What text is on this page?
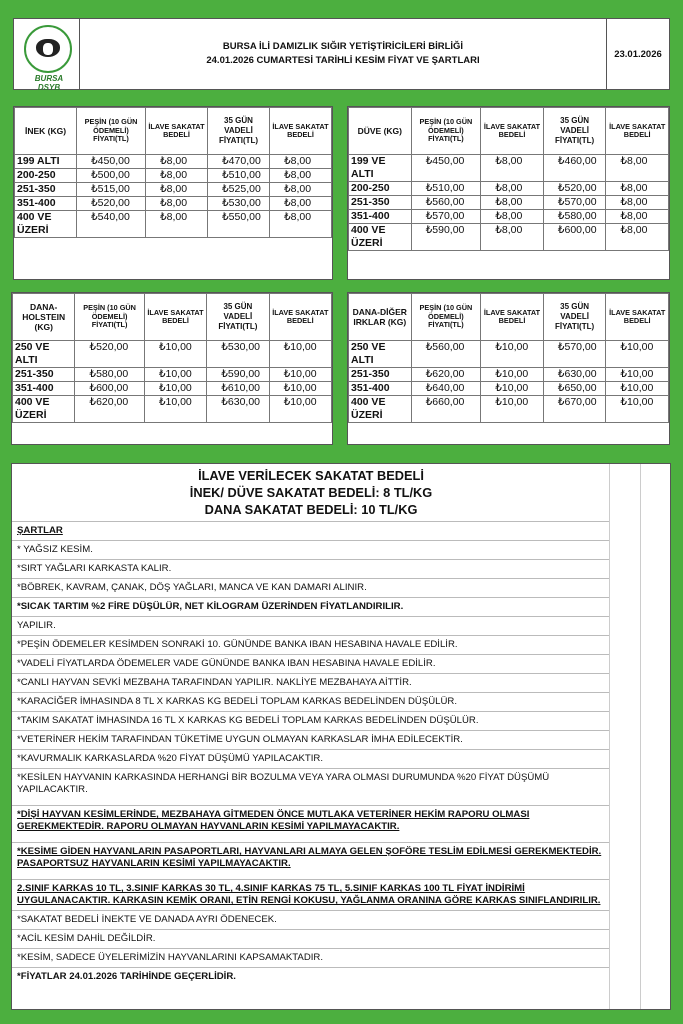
BURSA DSYB
BURSA İLİ DAMIZLIK SIĞIR YETİŞTİRİCİLERİ BİRLİĞİ
24.01.2026 CUMARTESİ TARİHLİ KESİM FİYAT VE ŞARTLARI
23.01.2026
İNEK (KG)	PEŞİN (10 GÜN ÖDEMELİ) FİYATI(TL)	İLAVE SAKATAT BEDELİ	35 GÜN VADELİ FİYATI(TL)	İLAVE SAKATAT BEDELİ
199 ALTI	₺450,00	₺8,00	₺470,00	₺8,00
200-250	₺500,00	₺8,00	₺510,00	₺8,00
251-350	₺515,00	₺8,00	₺525,00	₺8,00
351-400	₺520,00	₺8,00	₺530,00	₺8,00
400 VE ÜZERİ	₺540,00	₺8,00	₺550,00	₺8,00
DÜVE (KG)	PEŞİN (10 GÜN ÖDEMELİ) FİYATI(TL)	İLAVE SAKATAT BEDELİ	35 GÜN VADELİ FİYATI(TL)	İLAVE SAKATAT BEDELİ
199 VE ALTI	₺450,00	₺8,00	₺460,00	₺8,00
200-250	₺510,00	₺8,00	₺520,00	₺8,00
251-350	₺560,00	₺8,00	₺570,00	₺8,00
351-400	₺570,00	₺8,00	₺580,00	₺8,00
400 VE ÜZERİ	₺590,00	₺8,00	₺600,00	₺8,00
DANA-HOLSTEIN (KG)	PEŞİN (10 GÜN ÖDEMELİ) FİYATI(TL)	İLAVE SAKATAT BEDELİ	35 GÜN VADELİ FİYATI(TL)	İLAVE SAKATAT BEDELİ
250 VE ALTI	₺520,00	₺10,00	₺530,00	₺10,00
251-350	₺580,00	₺10,00	₺590,00	₺10,00
351-400	₺600,00	₺10,00	₺610,00	₺10,00
400 VE ÜZERİ	₺620,00	₺10,00	₺630,00	₺10,00
DANA-DİĞER IRKLAR (KG)	PEŞİN (10 GÜN ÖDEMELİ) FİYATI(TL)	İLAVE SAKATAT BEDELİ	35 GÜN VADELİ FİYATI(TL)	İLAVE SAKATAT BEDELİ
250 VE ALTI	₺560,00	₺10,00	₺570,00	₺10,00
251-350	₺620,00	₺10,00	₺630,00	₺10,00
351-400	₺640,00	₺10,00	₺650,00	₺10,00
400 VE ÜZERİ	₺660,00	₺10,00	₺670,00	₺10,00
İLAVE VERİLECEK SAKATAT BEDELİ
İNEK/ DÜVE SAKATAT BEDELİ: 8 TL/KG
DANA SAKATAT BEDELİ: 10 TL/KG
ŞARTLAR
* YAĞSIZ KESİM.
*SIRT YAĞLARI KARKASTA KALIR.
*BÖBREK, KAVRAM, ÇANAK, DÖŞ YAĞLARI, MANCA VE KAN DAMARI ALINIR.
*SICAK TARTIM %2 FİRE DÜŞÜLÜR, NET KİLOGRAM ÜZERİNDEN FİYATLANDIRILIR.
YAPILIR.
*PEŞİN ÖDEMELER KESİMDEN SONRAKİ 10. GÜNÜNDE BANKA IBAN HESABINA HAVALE EDİLİR.
*VADELİ FİYATLARDA ÖDEMELER VADE GÜNÜNDE BANKA IBAN HESABINA HAVALE EDİLİR.
*CANLI HAYVAN SEVKİ MEZBAHA TARAFINDAN YAPILIR. NAKLİYE MEZBAHAYA AİTTİR.
*KARACİĞER İMHASINDA 8 TL X KARKAS KG BEDELİ TOPLAM KARKAS BEDELİNDEN DÜŞÜLÜR.
*TAKIM SAKATAT İMHASINDA 16 TL X KARKAS KG BEDELİ TOPLAM KARKAS BEDELİNDEN DÜŞÜLÜR.
*VETERİNER HEKİM TARAFINDAN TÜKETİME UYGUN OLMAYAN KARKASLAR İMHA EDİLECEKTİR.
*KAVURMALIK KARKASLARDA %20 FİYAT DÜŞÜMÜ YAPILACAKTIR.
*KESİLEN HAYVANIN KARKASINDA HERHANGİ BİR BOZULMA VEYA YARA OLMASI DURUMUNDA %20 FİYAT DÜŞÜMÜ YAPILACAKTIR.
*DİŞİ HAYVAN KESİMLERİNDE, MEZBAHAYA GİTMEDEN ÖNCE MUTLAKA VETERİNER HEKİM RAPORU OLMASI GEREKMEKTEDİR. RAPORU OLMAYAN HAYVANLARIN KESİMİ YAPILMAYACAKTIR.
*KESİME GİDEN HAYVANLARIN PASAPORTLARI, HAYVANLARI ALMAYA GELEN ŞOFÖRE TESLİM EDİLMESİ GEREKMEKTEDİR. PASAPORTSUZ HAYVANLARIN KESİMİ YAPILMAYACAKTIR.
2.SINIF KARKAS 10 TL, 3.SINIF KARKAS 30 TL, 4.SINIF KARKAS 75 TL, 5.SINIF KARKAS 100 TL FİYAT İNDİRİMİ UYGULANACAKTIR. KARKASIN KEMİK ORANI, ETİN RENGİ KOKUSU, YAĞLANMA ORANINA GÖRE KARKAS SINIFLANDIRILIR.
*SAKATAT BEDELİ İNEKTE VE DANADA AYRI ÖDENECEK.
*ACİL KESİM DAHİL DEĞİLDİR.
*KESİM, SADECE ÜYELERİMİZİN HAYVANLARINI KAPSAMAKTADIR.
*FİYATLAR 24.01.2026 TARİHİNDE GEÇERLİDİR.
